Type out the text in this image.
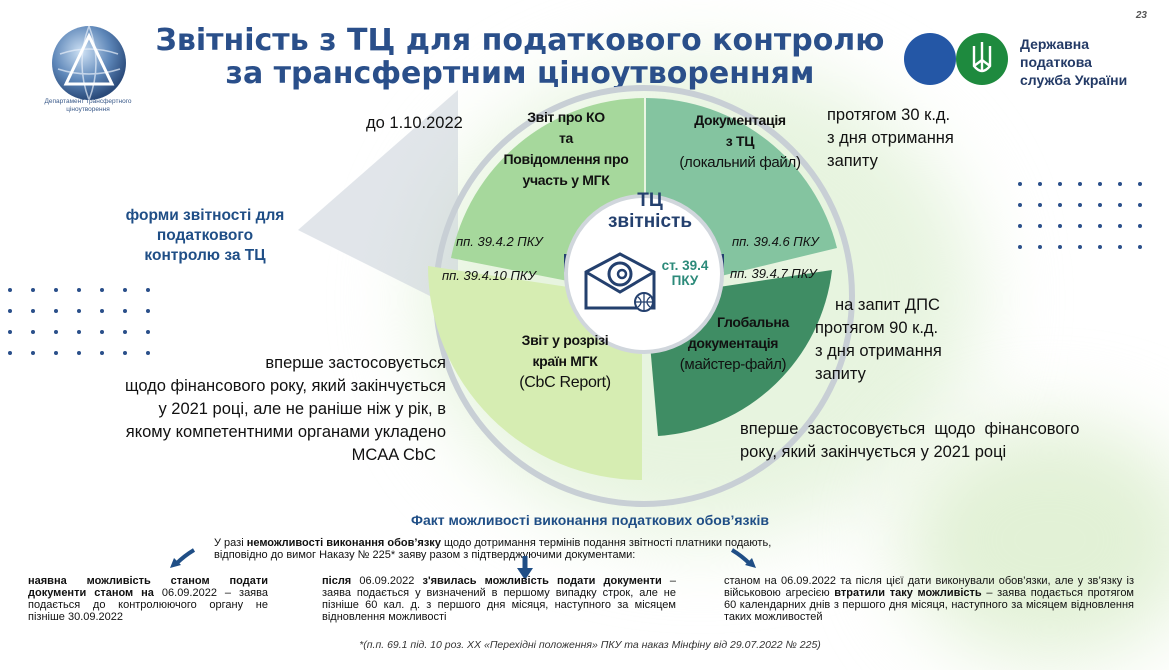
23
Департамент трансфертного ціноутворення
Звітність з ТЦ для податкового контролю
за трансфертним ціноутворенням
Державна
податкова
служба України
форми звітності для
податкового
контролю за ТЦ
ТЦ
звітність
ст. 39.4
ПКУ
Звіт про КО
та
Повідомлення про
участь у МГК
Документація
з ТЦ
(локальний файл)
Звіт у розрізі
країн МГК
(CbC Report)
Глобальна
документація
(майстер-файл)
пп. 39.4.2 ПКУ	пп. 39.4.6 ПКУ
пп. 39.4.10 ПКУ	пп. 39.4.7 ПКУ
до 1.10.2022	протягом 30 к.д.
з дня отримання
запиту
на запит ДПС
протягом 90 к.д.
з дня отримання
запиту
вперше застосовується
щодо фінансового року, який закінчується
у 2021 році, але не раніше ніж у рік, в
якому компетентними органами укладено
MCAA CbC
вперше  застосовується  щодо  фінансового
року, який закінчується у 2021 році
Факт можливості виконання податкових обов’язків
У разі неможливості виконання обов’язку щодо дотримання термінів подання звітності платники подають,
відповідно до вимог Наказу № 225* заяву разом з підтверджуючими документами:
наявна можливість станом подати документи станом на 06.09.2022 – заява подається до контролюючого органу не пізніше 30.09.2022
після 06.09.2022 з'явилась можливість подати документи – заява подається у визначений в першому випадку строк, але не пізніше 60 кал. д. з першого дня місяця, наступного за місяцем відновлення можливості
станом на 06.09.2022 та після цієї дати виконували обов’язки, але у зв’язку із військовою агресією втратили таку можливість – заява подається протягом 60 календарних днів з першого дня місяця, наступного за місяцем відновлення таких можливостей
*(п.п. 69.1 під. 10 роз. ХХ «Перехідні положення» ПКУ та наказ Мінфіну від 29.07.2022 № 225)
